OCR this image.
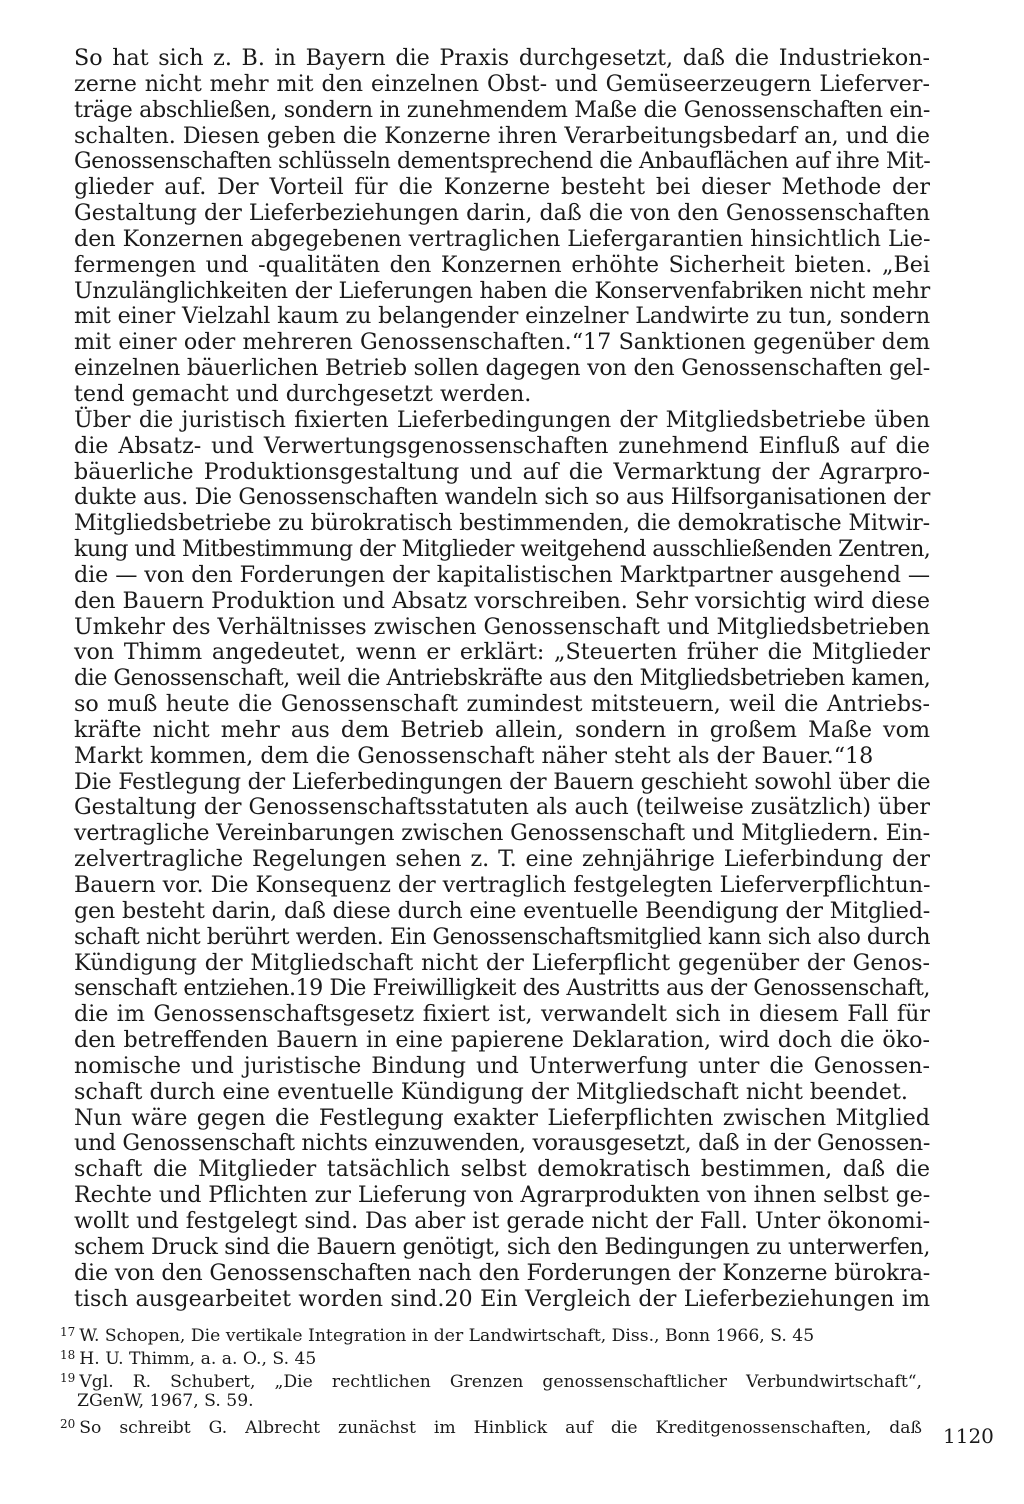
So hat sich z. B. in Bayern die Praxis durchgesetzt, daß die Industriekon-
zerne nicht mehr mit den einzelnen Obst- und Gemüseerzeugern Lieferver-
träge abschließen, sondern in zunehmendem Maße die Genossenschaften ein-
schalten. Diesen geben die Konzerne ihren Verarbeitungsbedarf an, und die
Genossenschaften schlüsseln dementsprechend die Anbauflächen auf ihre Mit-
glieder auf. Der Vorteil für die Konzerne besteht bei dieser Methode der
Gestaltung der Lieferbeziehungen darin, daß die von den Genossenschaften
den Konzernen abgegebenen vertraglichen Liefergarantien hinsichtlich Lie-
fermengen und -qualitäten den Konzernen erhöhte Sicherheit bieten. „Bei
Unzulänglichkeiten der Lieferungen haben die Konservenfabriken nicht mehr
mit einer Vielzahl kaum zu belangender einzelner Landwirte zu tun, sondern
mit einer oder mehreren Genossenschaften.“17 Sanktionen gegenüber dem
einzelnen bäuerlichen Betrieb sollen dagegen von den Genossenschaften gel-
tend gemacht und durchgesetzt werden.
Über die juristisch fixierten Lieferbedingungen der Mitgliedsbetriebe üben
die Absatz- und Verwertungsgenossenschaften zunehmend Einfluß auf die
bäuerliche Produktionsgestaltung und auf die Vermarktung der Agrarpro-
dukte aus. Die Genossenschaften wandeln sich so aus Hilfsorganisationen der
Mitgliedsbetriebe zu bürokratisch bestimmenden, die demokratische Mitwir-
kung und Mitbestimmung der Mitglieder weitgehend ausschließenden Zentren,
die — von den Forderungen der kapitalistischen Marktpartner ausgehend —
den Bauern Produktion und Absatz vorschreiben. Sehr vorsichtig wird diese
Umkehr des Verhältnisses zwischen Genossenschaft und Mitgliedsbetrieben
von Thimm angedeutet, wenn er erklärt: „Steuerten früher die Mitglieder
die Genossenschaft, weil die Antriebskräfte aus den Mitgliedsbetrieben kamen,
so muß heute die Genossenschaft zumindest mitsteuern, weil die Antriebs-
kräfte nicht mehr aus dem Betrieb allein, sondern in großem Maße vom
Markt kommen, dem die Genossenschaft näher steht als der Bauer.“18
Die Festlegung der Lieferbedingungen der Bauern geschieht sowohl über die
Gestaltung der Genossenschaftsstatuten als auch (teilweise zusätzlich) über
vertragliche Vereinbarungen zwischen Genossenschaft und Mitgliedern. Ein-
zelvertragliche Regelungen sehen z. T. eine zehnjährige Lieferbindung der
Bauern vor. Die Konsequenz der vertraglich festgelegten Lieferverpflichtun-
gen besteht darin, daß diese durch eine eventuelle Beendigung der Mitglied-
schaft nicht berührt werden. Ein Genossenschaftsmitglied kann sich also durch
Kündigung der Mitgliedschaft nicht der Lieferpflicht gegenüber der Genos-
senschaft entziehen.19 Die Freiwilligkeit des Austritts aus der Genossenschaft,
die im Genossenschaftsgesetz fixiert ist, verwandelt sich in diesem Fall für
den betreffenden Bauern in eine papierene Deklaration, wird doch die öko-
nomische und juristische Bindung und Unterwerfung unter die Genossen-
schaft durch eine eventuelle Kündigung der Mitgliedschaft nicht beendet.
Nun wäre gegen die Festlegung exakter Lieferpflichten zwischen Mitglied
und Genossenschaft nichts einzuwenden, vorausgesetzt, daß in der Genossen-
schaft die Mitglieder tatsächlich selbst demokratisch bestimmen, daß die
Rechte und Pflichten zur Lieferung von Agrarprodukten von ihnen selbst ge-
wollt und festgelegt sind. Das aber ist gerade nicht der Fall. Unter ökonomi-
schem Druck sind die Bauern genötigt, sich den Bedingungen zu unterwerfen,
die von den Genossenschaften nach den Forderungen der Konzerne bürokra-
tisch ausgearbeitet worden sind.20 Ein Vergleich der Lieferbeziehungen im
17 W. Schopen, Die vertikale Integration in der Landwirtschaft, Diss., Bonn 1966, S. 45
18 H. U. Thimm, a. a. O., S. 45
19 Vgl. R. Schubert, „Die rechtlichen Grenzen genossenschaftlicher Verbundwirtschaft“,
ZGenW, 1967, S. 59.
20 So schreibt G. Albrecht zunächst im Hinblick auf die Kreditgenossenschaften, daß 1120
